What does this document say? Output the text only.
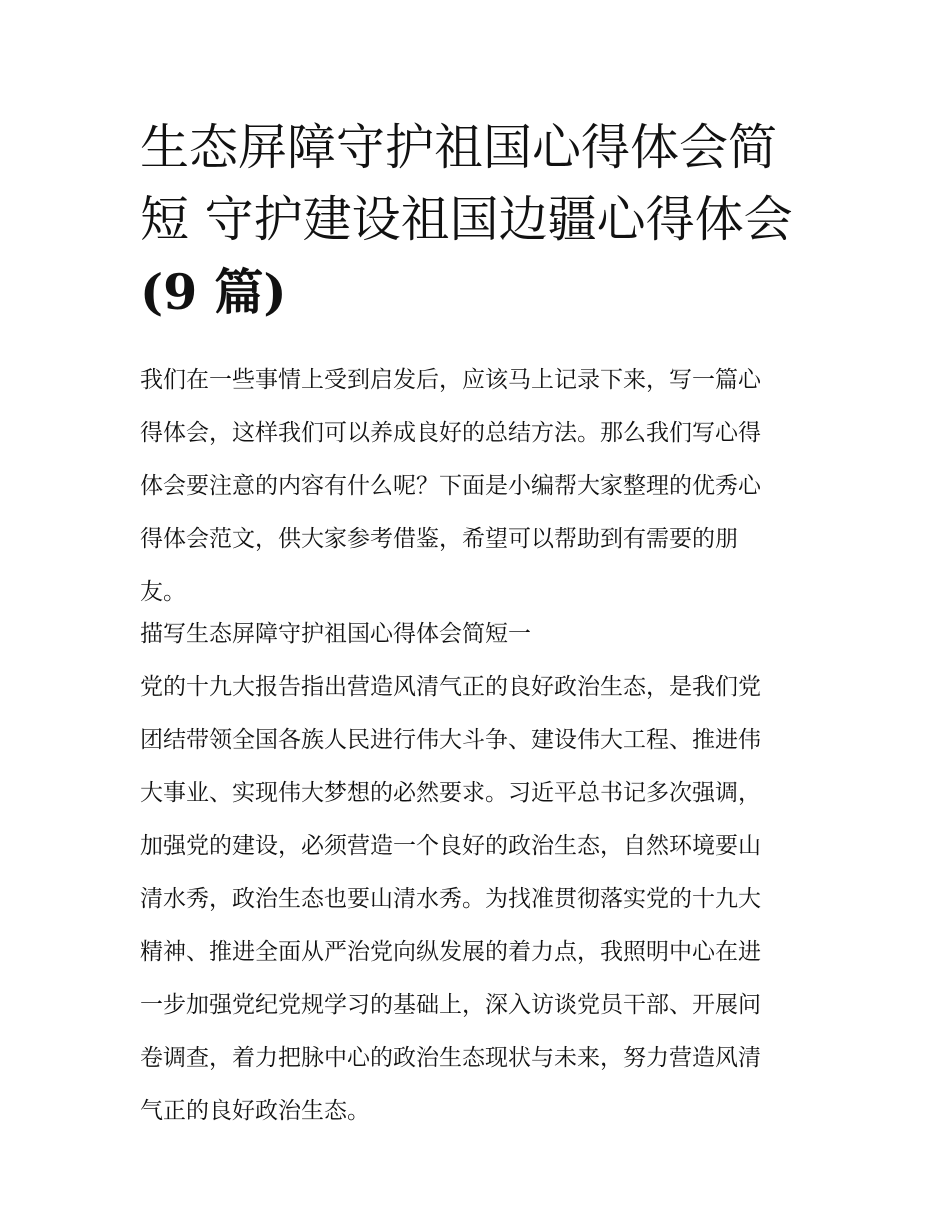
生态屏障守护祖国心得体会简
短 守护建设祖国边疆心得体会
(9 篇)
我们在一些事情上受到启发后，应该马上记录下来，写一篇心
得体会，这样我们可以养成良好的总结方法。那么我们写心得
体会要注意的内容有什么呢？下面是小编帮大家整理的优秀心
得体会范文，供大家参考借鉴，希望可以帮助到有需要的朋
友。
描写生态屏障守护祖国心得体会简短一
党的十九大报告指出营造风清气正的良好政治生态，是我们党
团结带领全国各族人民进行伟大斗争、建设伟大工程、推进伟
大事业、实现伟大梦想的必然要求。习近平总书记多次强调，
加强党的建设，必须营造一个良好的政治生态，自然环境要山
清水秀，政治生态也要山清水秀。为找准贯彻落实党的十九大
精神、推进全面从严治党向纵发展的着力点，我照明中心在进
一步加强党纪党规学习的基础上，深入访谈党员干部、开展问
卷调查，着力把脉中心的政治生态现状与未来，努力营造风清
气正的良好政治生态。
